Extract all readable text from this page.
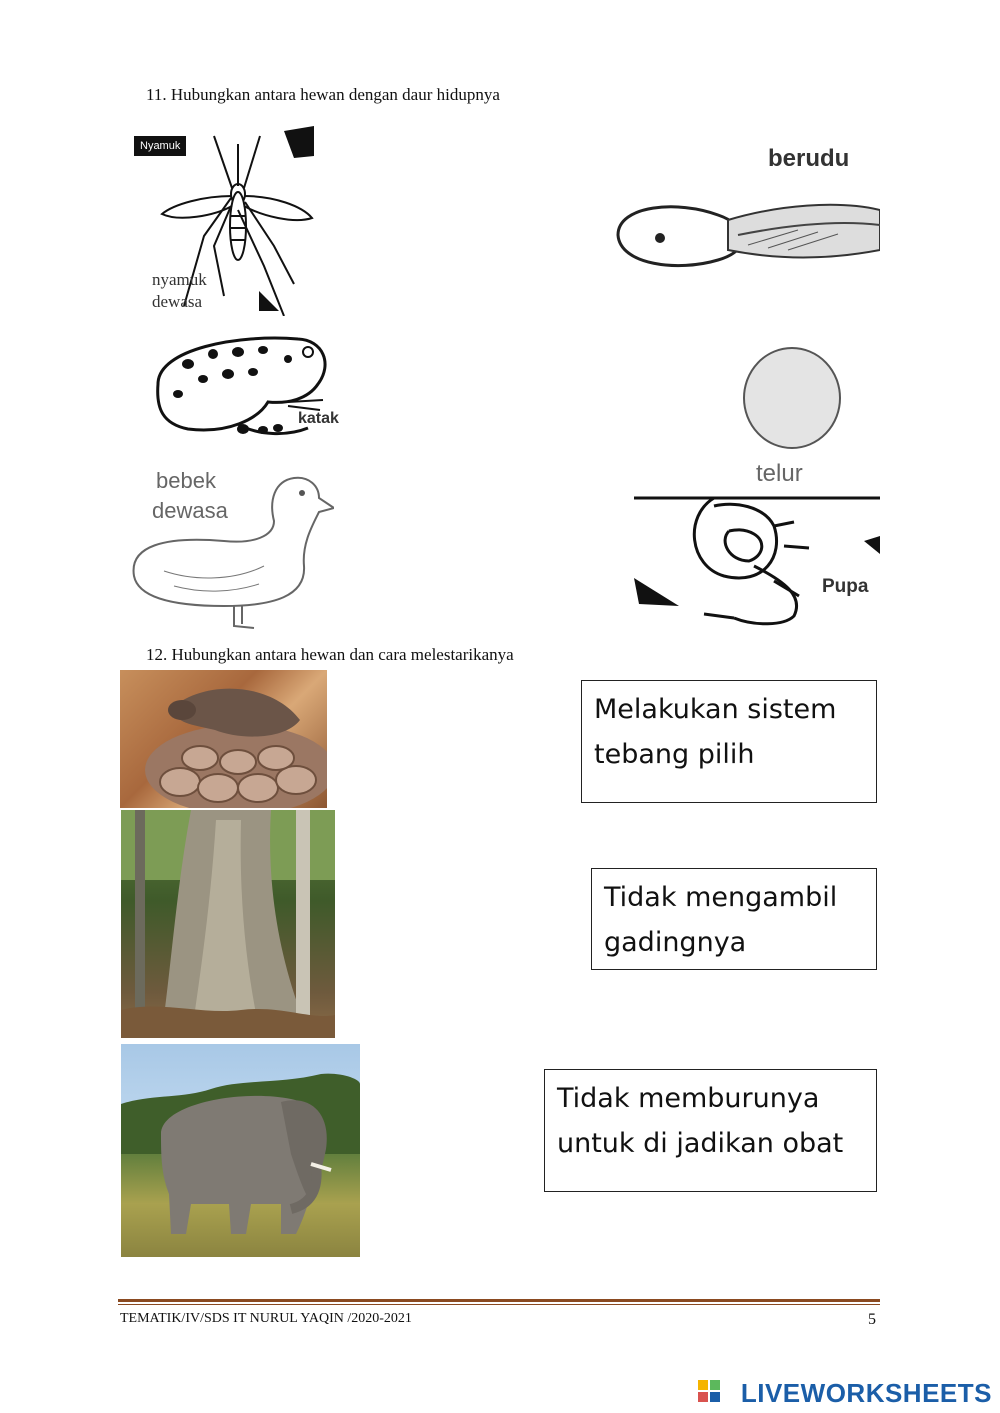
11. Hubungkan antara hewan dengan daur hidupnya
Nyamuk
nyamuk
dewasa
berudu
katak
telur
bebek
dewasa
Pupa
12. Hubungkan antara hewan dan cara melestarikanya
Melakukan sistem tebang pilih
Tidak mengambil gadingnya
Tidak memburunya untuk di jadikan obat
TEMATIK/IV/SDS IT NURUL YAQIN /2020-2021	5
LIVEWORKSHEETS
